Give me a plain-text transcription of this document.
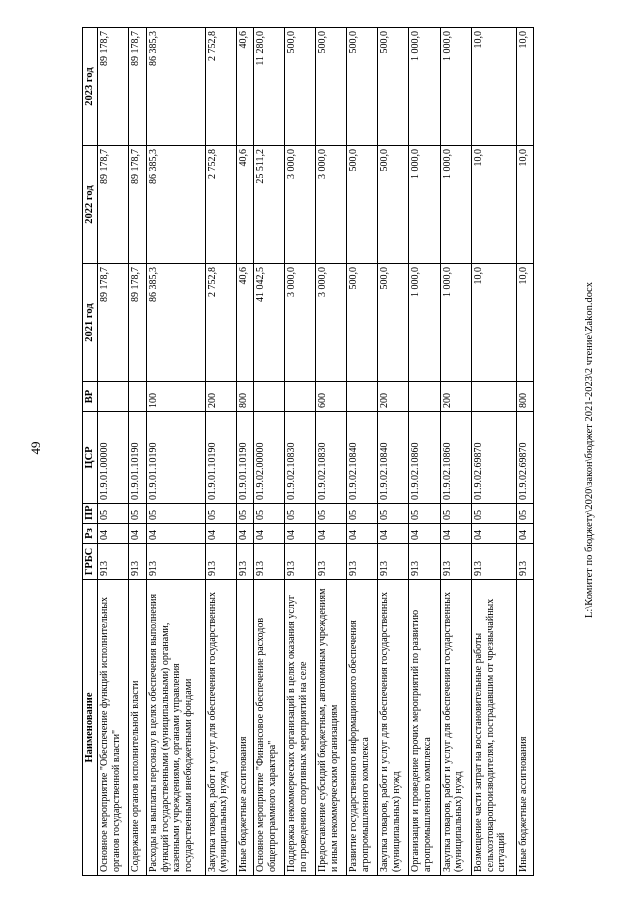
49
Наименование	ГРБС	Рз	ПР	ЦСР	ВР	2021 год	2022 год	2023 год
Основное мероприятие "Обеспечение функций исполнительных органов государственной власти"	913	04	05	01.9.01.00000		89 178,7	89 178,7	89 178,7
Содержание органов исполнительной власти	913	04	05	01.9.01.10190		89 178,7	89 178,7	89 178,7
Расходы на выплаты персоналу в целях обеспечения выполнения функций государственными (муниципальными) органами, казенными учреждениями, органами управления государственными внебюджетными фондами	913	04	05	01.9.01.10190	100	86 385,3	86 385,3	86 385,3
Закупка товаров, работ и услуг для обеспечения государственных (муниципальных) нужд	913	04	05	01.9.01.10190	200	2 752,8	2 752,8	2 752,8
Иные бюджетные ассигнования	913	04	05	01.9.01.10190	800	40,6	40,6	40,6
Основное мероприятие "Финансовое обеспечение расходов общепрограммного характера"	913	04	05	01.9.02.00000		41 042,5	25 511,2	11 280,0
Поддержка некоммерческих организаций в целях оказания услуг по проведению спортивных мероприятий на селе	913	04	05	01.9.02.10830		3 000,0	3 000,0	500,0
Предоставление субсидий бюджетным, автономным учреждениям и иным некоммерческим организациям	913	04	05	01.9.02.10830	600	3 000,0	3 000,0	500,0
Развитие государственного информационного обеспечения агропромышленного комплекса	913	04	05	01.9.02.10840		500,0	500,0	500,0
Закупка товаров, работ и услуг для обеспечения государственных (муниципальных) нужд	913	04	05	01.9.02.10840	200	500,0	500,0	500,0
Организация и проведение прочих мероприятий по развитию агропромышленного комплекса	913	04	05	01.9.02.10860		1 000,0	1 000,0	1 000,0
Закупка товаров, работ и услуг для обеспечения государственных (муниципальных) нужд	913	04	05	01.9.02.10860	200	1 000,0	1 000,0	1 000,0
Возмещение части затрат на восстановительные работы сельхозтоваропроизводителям, пострадавшим от чрезвычайных ситуаций	913	04	05	01.9.02.69870		10,0	10,0	10,0
Иные бюджетные ассигнования	913	04	05	01.9.02.69870	800	10,0	10,0	10,0
L:\Комитет по бюджету\2020\закон\бюджет 2021-2023\2 чтение\Zakon.docx
